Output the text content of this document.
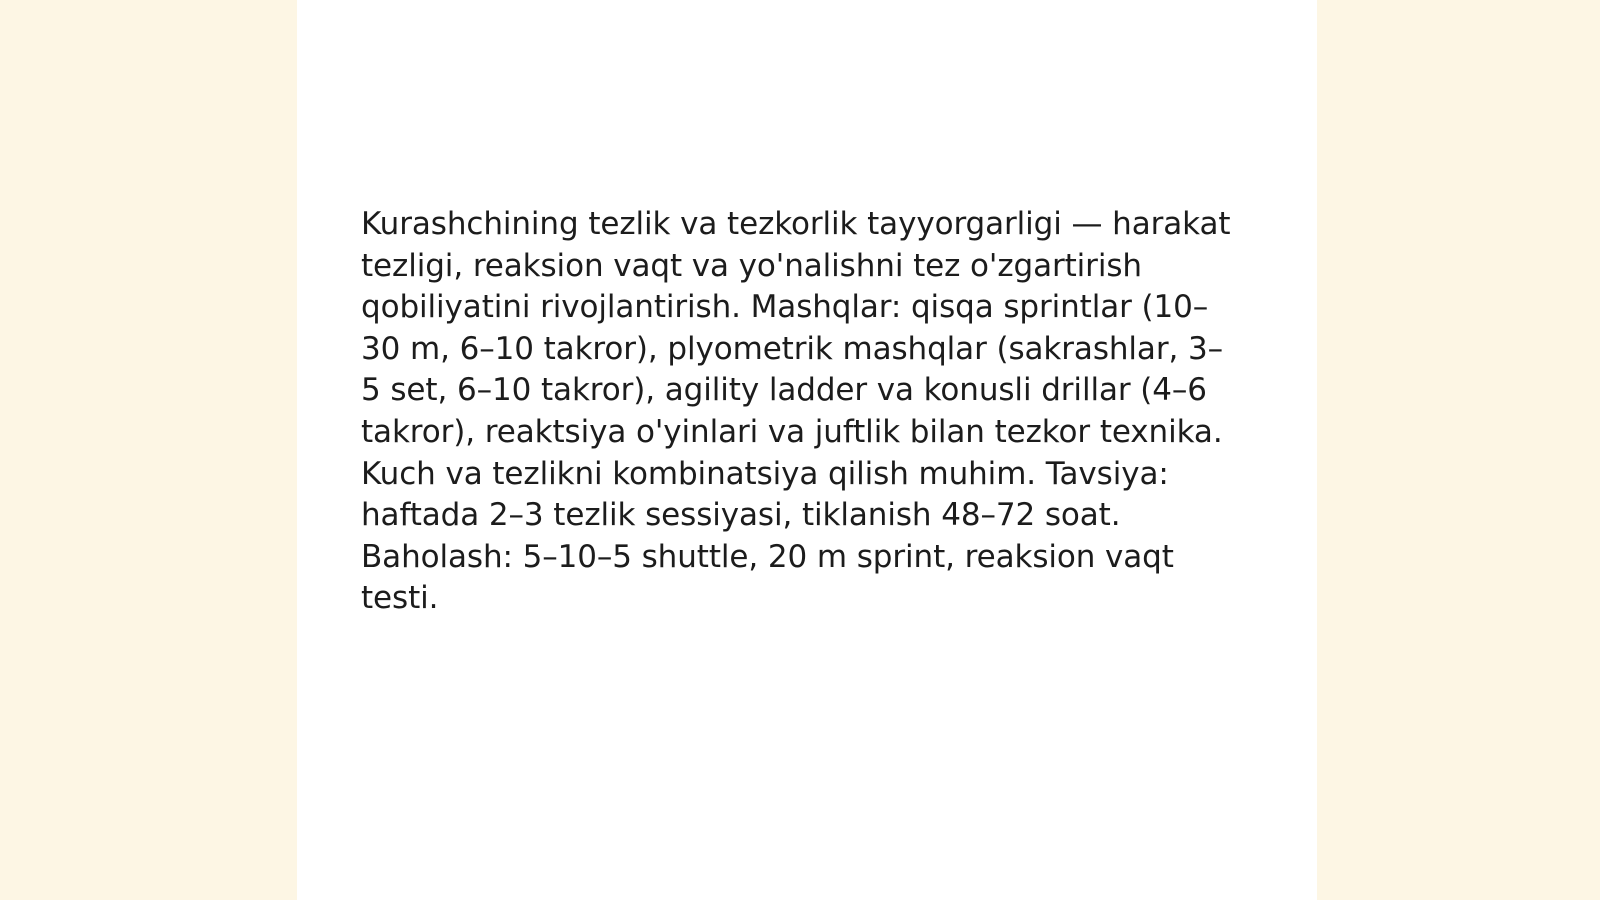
Kurashchining tezlik va tezkorlik tayyorgarligi — harakat tezligi, reaksion vaqt va yo'nalishni tez o'zgartirish qobiliyatini rivojlantirish. Mashqlar: qisqa sprintlar (10–30 m, 6–10 takror), plyometrik mashqlar (sakrashlar, 3–5 set, 6–10 takror), agility ladder va konusli drillar (4–6 takror), reaktsiya o'yinlari va juftlik bilan tezkor texnika. Kuch va tezlikni kombinatsiya qilish muhim. Tavsiya: haftada 2–3 tezlik sessiyasi, tiklanish 48–72 soat. Baholash: 5–10–5 shuttle, 20 m sprint, reaksion vaqt testi.
